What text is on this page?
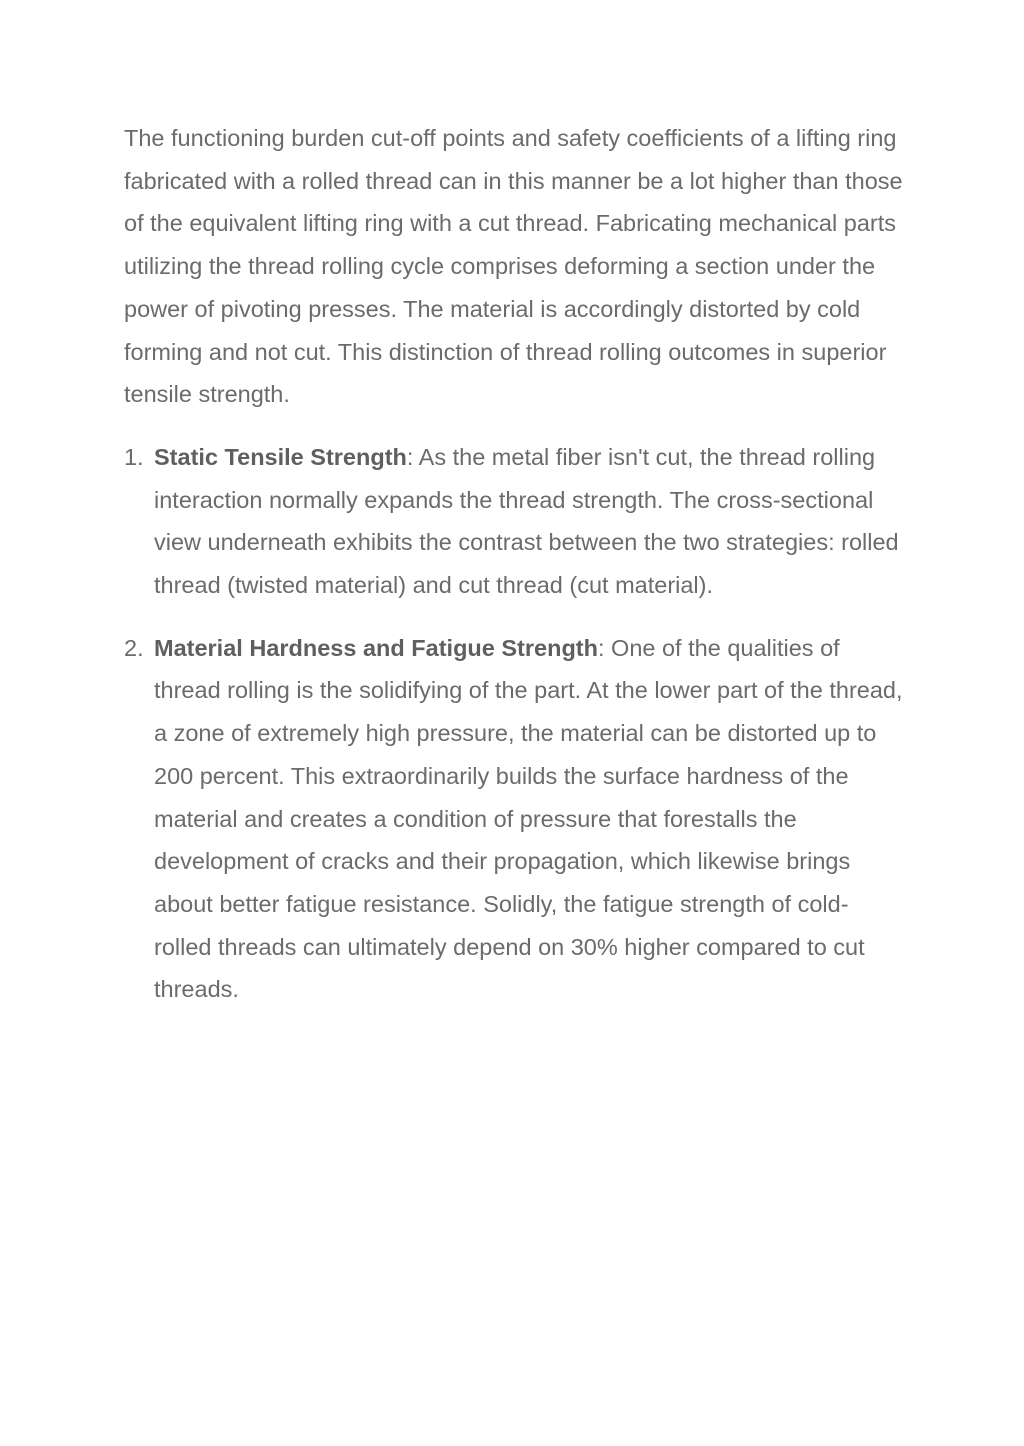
The functioning burden cut-off points and safety coefficients of a lifting ring fabricated with a rolled thread can in this manner be a lot higher than those of the equivalent lifting ring with a cut thread. Fabricating mechanical parts utilizing the thread rolling cycle comprises deforming a section under the power of pivoting presses. The material is accordingly distorted by cold forming and not cut. This distinction of thread rolling outcomes in superior tensile strength.

1. Static Tensile Strength: As the metal fiber isn't cut, the thread rolling interaction normally expands the thread strength. The cross-sectional view underneath exhibits the contrast between the two strategies: rolled thread (twisted material) and cut thread (cut material).
2. Material Hardness and Fatigue Strength: One of the qualities of thread rolling is the solidifying of the part. At the lower part of the thread, a zone of extremely high pressure, the material can be distorted up to 200 percent. This extraordinarily builds the surface hardness of the material and creates a condition of pressure that forestalls the development of cracks and their propagation, which likewise brings about better fatigue resistance. Solidly, the fatigue strength of cold-rolled threads can ultimately depend on 30% higher compared to cut threads.
